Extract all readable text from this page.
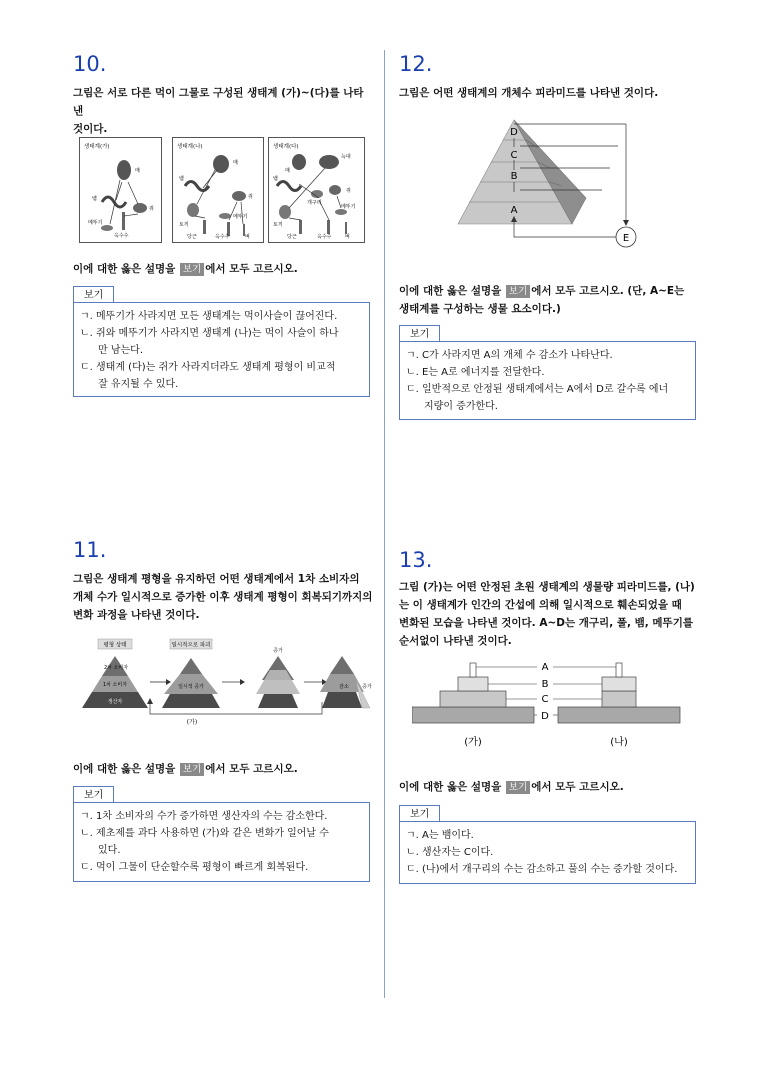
10.
그림은 서로 다른 먹이 그물로 구성된 생태계 (가)~(다)를 나타낸
것이다.
생태계(가)
매
뱀
쥐
메뚜기
옥수수
생태계(나)
매
뱀
쥐
토끼
메뚜기
당근	옥수수	벼
생태계(다)
매
늑대
뱀
쥐
개구리
토끼
메뚜기
당근	옥수수	벼
이에 대한 옳은 설명을 보기 에서 모두 고르시오.
보기
ㄱ. 메뚜기가 사라지면 모든 생태계는 먹이사슬이 끊어진다.
ㄴ. 쥐와 메뚜기가 사라지면 생태계 (나)는 먹이 사슬이 하나
만 남는다.
ㄷ. 생태계 (다)는 쥐가 사라지더라도 생태계 평형이 비교적
잘 유지될 수 있다.
11.
그림은 생태계 평형을 유지하던 어떤 생태계에서 1차 소비자의
개체 수가 일시적으로 증가한 이후 생태계 평형이 회복되기까지의
변화 과정을 나타낸 것이다.
평형 상태
2차 소비자
1차 소비자
생산자
일시적으로 파괴
일시적 증가
증가
감소	증가
(가)
이에 대한 옳은 설명을 보기 에서 모두 고르시오.
보기
ㄱ. 1차 소비자의 수가 증가하면 생산자의 수는 감소한다.
ㄴ. 제초제를 과다 사용하면 (가)와 같은 변화가 일어날 수
있다.
ㄷ. 먹이 그물이 단순할수록 평형이 빠르게 회복된다.
12.
그림은 어떤 생태계의 개체수 피라미드를 나타낸 것이다.
D
C
B
A
E
이에 대한 옳은 설명을 보기 에서 모두 고르시오. (단, A~E는
생태계를 구성하는 생물 요소이다.)
보기
ㄱ. C가 사라지면 A의 개체 수 감소가 나타난다.
ㄴ. E는 A로 에너지를 전달한다.
ㄷ. 일반적으로 안정된 생태계에서는 A에서 D로 갈수록 에너
지량이 증가한다.
13.
그림 (가)는 어떤 안정된 초원 생태계의 생물량 피라미드를, (나)
는 이 생태계가 인간의 간섭에 의해 일시적으로 훼손되었을 때
변화된 모습을 나타낸 것이다. A~D는 개구리, 풀, 뱀, 메뚜기를
순서없이 나타낸 것이다.
A
B
C
D
(가)	(나)
이에 대한 옳은 설명을 보기 에서 모두 고르시오.
보기
ㄱ. A는 뱀이다.
ㄴ. 생산자는 C이다.
ㄷ. (나)에서 개구리의 수는 감소하고 풀의 수는 증가할 것이다.
